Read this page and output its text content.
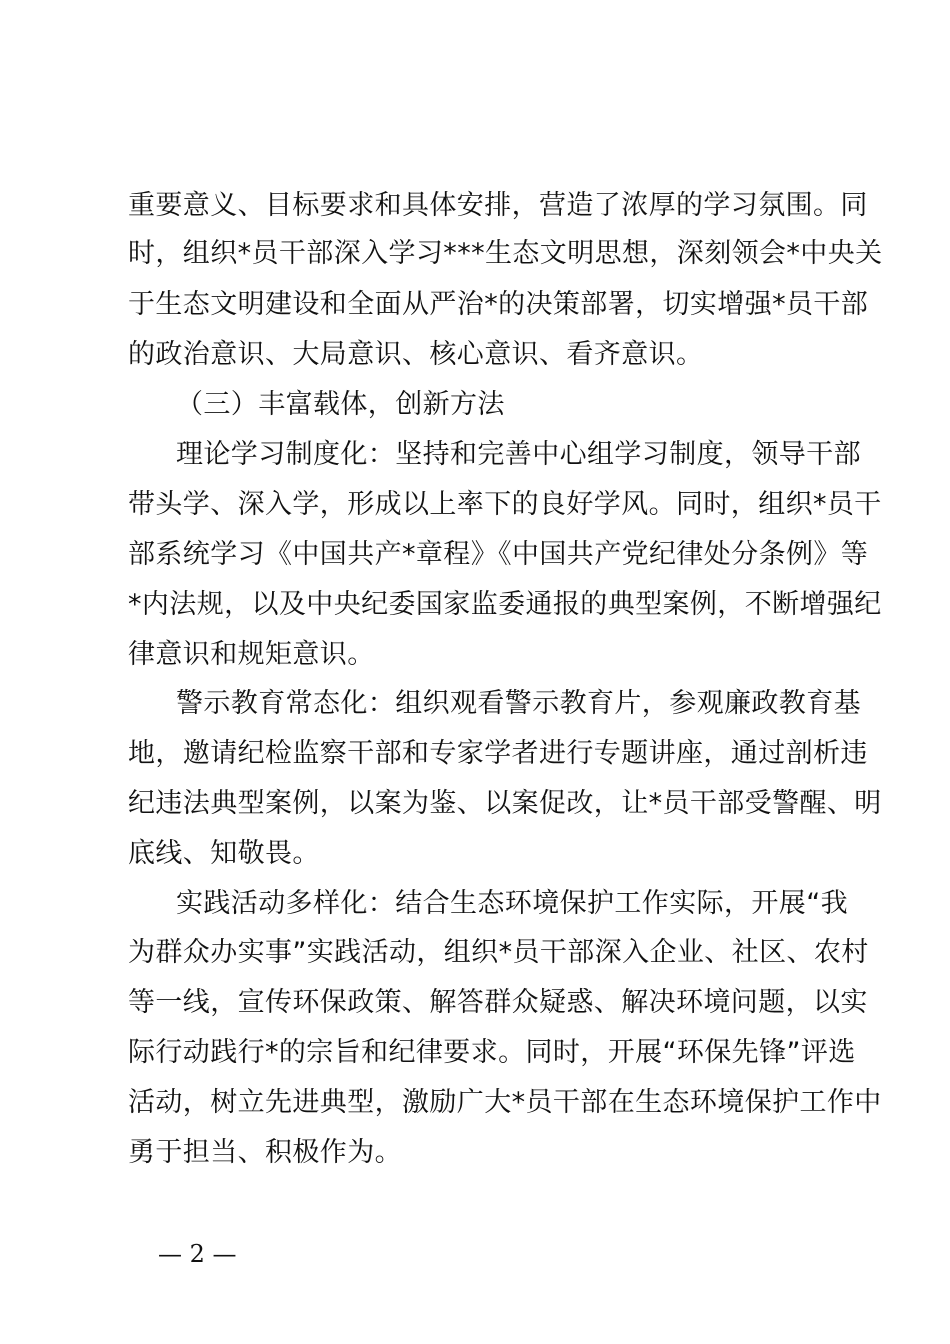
重要意义、目标要求和具体安排，营造了浓厚的学习氛围。同
时，组织*员干部深入学习***生态文明思想，深刻领会*中央关
于生态文明建设和全面从严治*的决策部署，切实增强*员干部
的政治意识、大局意识、核心意识、看齐意识。
（三）丰富载体，创新方法
理论学习制度化：坚持和完善中心组学习制度，领导干部
带头学、深入学，形成以上率下的良好学风。同时，组织*员干
部系统学习《中国共产*章程》《中国共产党纪律处分条例》等
*内法规，以及中央纪委国家监委通报的典型案例，不断增强纪
律意识和规矩意识。
警示教育常态化：组织观看警示教育片，参观廉政教育基
地，邀请纪检监察干部和专家学者进行专题讲座，通过剖析违
纪违法典型案例，以案为鉴、以案促改，让*员干部受警醒、明
底线、知敬畏。
实践活动多样化：结合生态环境保护工作实际，开展“我
为群众办实事”实践活动，组织*员干部深入企业、社区、农村
等一线，宣传环保政策、解答群众疑惑、解决环境问题，以实
际行动践行*的宗旨和纪律要求。同时，开展“环保先锋”评选
活动，树立先进典型，激励广大*员干部在生态环境保护工作中
勇于担当、积极作为。
— 2 —
